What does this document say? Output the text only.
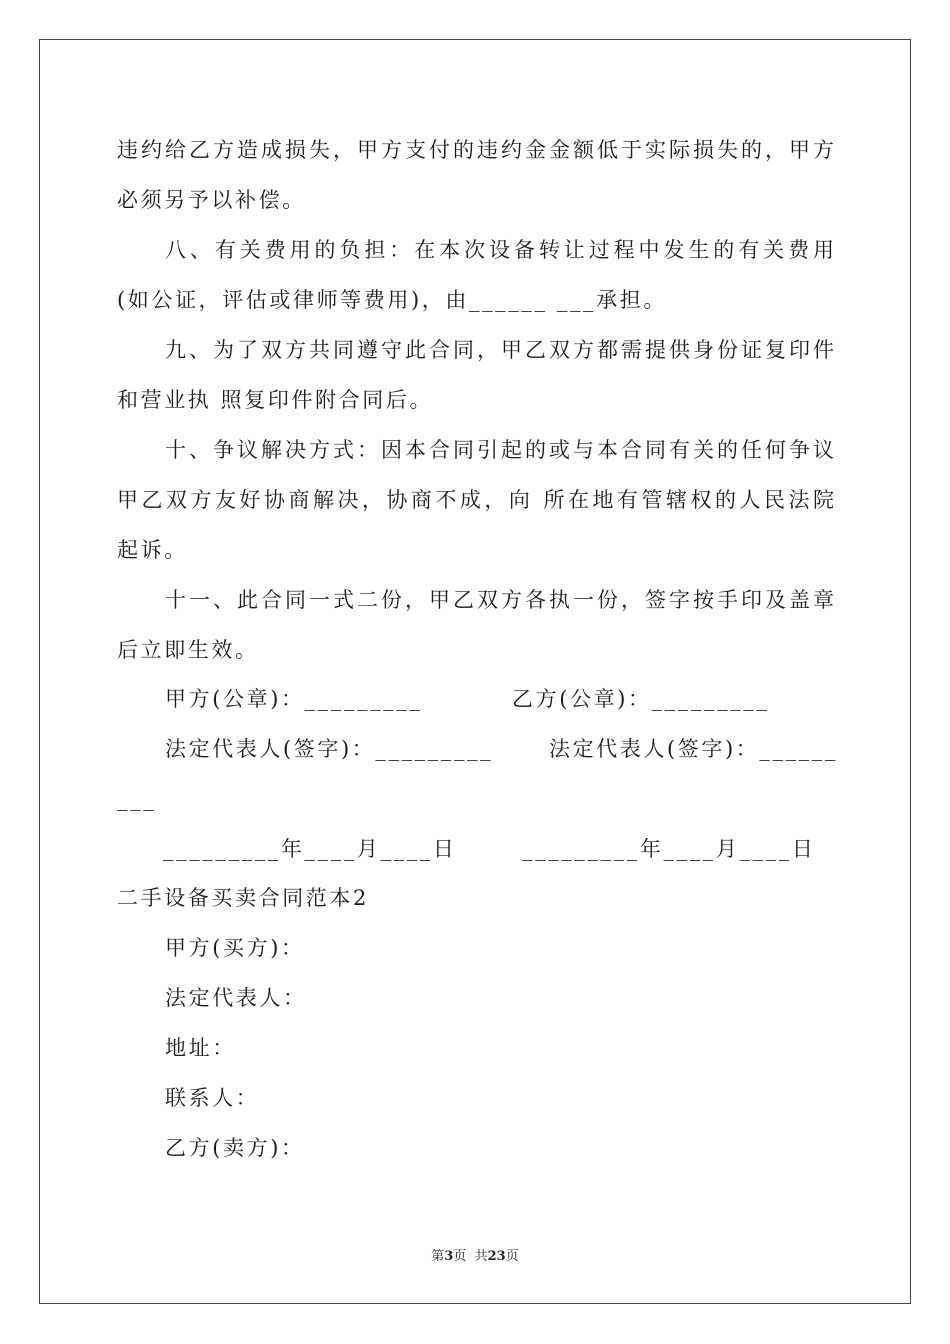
违约给乙方造成损失，甲方支付的违约金金额低于实际损失的，甲方
必须另予以补偿。
八、有关费用的负担：在本次设备转让过程中发生的有关费用
(如公证，评估或律师等费用)，由______ ___承担。
九、为了双方共同遵守此合同，甲乙双方都需提供身份证复印件
和营业执 照复印件附合同后。
十、争议解决方式：因本合同引起的或与本合同有关的任何争议
甲乙双方友好协商解决，协商不成，向 所在地有管辖权的人民法院
起诉。
十一、此合同一式二份，甲乙双方各执一份，签字按手印及盖章
后立即生效。
甲方(公章)：_________	乙方(公章)：_________
法定代表人(签字)：_________	法定代表人(签字)：______
___
_________年____月____日	_________年____月____日
二手设备买卖合同范本2
甲方(买方)：
法定代表人：
地址：
联系人：
乙方(卖方)：
第3页  共23页
